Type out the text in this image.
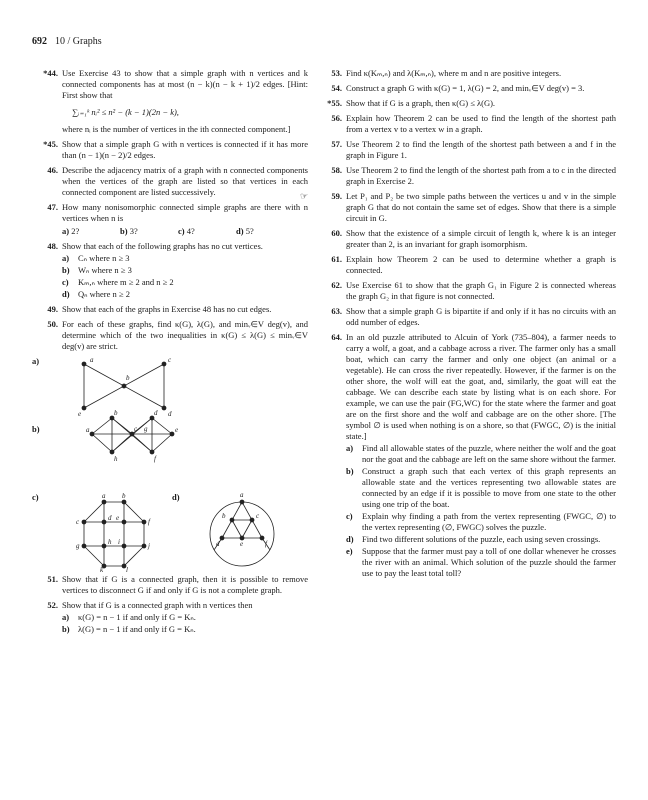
692 10 / Graphs
*44. Use Exercise 43 to show that a simple graph with n vertices and k connected components has at most (n − k)(n − k + 1)/2 edges. [Hint: First show that
∑ᵢ₌₁ᵏ nᵢ² ≤ n² − (k − 1)(2n − k),
where nᵢ is the number of vertices in the ith connected component.]
*45. Show that a simple graph G with n vertices is connected if it has more than (n − 1)(n − 2)/2 edges.
46. Describe the adjacency matrix of a graph with n connected components when the vertices of the graph are listed so that vertices in each connected component are listed successively.
47. How many nonisomorphic connected simple graphs are there with n vertices when n is
a) 2?	b) 3?	c) 4?	d) 5?
48. Show that each of the following graphs has no cut vertices.
a) Cₙ where n ≥ 3
b) Wₙ where n ≥ 3
c) Kₘ,ₙ where m ≥ 2 and n ≥ 2
d) Qₙ where n ≥ 2
49. Show that each of the graphs in Exercise 48 has no cut edges.
50. For each of these graphs, find κ(G), λ(G), and minᵥ∈V deg(v), and determine which of the two inequalities in κ(G) ≤ λ(G) ≤ minᵥ∈V deg(v) are strict.
a)
b)
c)	d)
a
b
c
d
e
a
b
c
d
e
f
g
h
a b
c	d e	f
g	h i	j
k	l
a
b	c
d	e	f
51. Show that if G is a connected graph, then it is possible to remove vertices to disconnect G if and only if G is not a complete graph.
52. Show that if G is a connected graph with n vertices then
a) κ(G) = n − 1 if and only if G = Kₙ.
b) λ(G) = n − 1 if and only if G = Kₙ.
53. Find κ(Kₘ,ₙ) and λ(Kₘ,ₙ), where m and n are positive integers.
54. Construct a graph G with κ(G) = 1, λ(G) = 2, and minᵥ∈V deg(v) = 3.
*55. Show that if G is a graph, then κ(G) ≤ λ(G).
56. Explain how Theorem 2 can be used to find the length of the shortest path from a vertex v to a vertex w in a graph.
57. Use Theorem 2 to find the length of the shortest path between a and f in the graph in Figure 1.
58. Use Theorem 2 to find the length of the shortest path from a to c in the directed graph in Exercise 2.
☞	59. Let P₁ and P₂ be two simple paths between the vertices u and v in the simple graph G that do not contain the same set of edges. Show that there is a simple circuit in G.
60. Show that the existence of a simple circuit of length k, where k is an integer greater than 2, is an invariant for graph isomorphism.
61. Explain how Theorem 2 can be used to determine whether a graph is connected.
62. Use Exercise 61 to show that the graph G₁ in Figure 2 is connected whereas the graph G₂ in that figure is not connected.
63. Show that a simple graph G is bipartite if and only if it has no circuits with an odd number of edges.
64. In an old puzzle attributed to Alcuin of York (735–804), a farmer needs to carry a wolf, a goat, and a cabbage across a river. The farmer only has a small boat, which can carry the farmer and only one object (an animal or a vegetable). He can cross the river repeatedly. However, if the farmer is on the other shore, the wolf will eat the goat, and, similarly, the goat will eat the cabbage. We can describe each state by listing what is on each shore. For example, we can use the pair (FG,WC) for the state where the farmer and goat are on the first shore and the wolf and cabbage are on the other shore. [The symbol ∅ is used when nothing is on a shore, so that (FWGC, ∅) is the initial state.]
a) Find all allowable states of the puzzle, where neither the wolf and the goat nor the goat and the cabbage are left on the same shore without the farmer.
b) Construct a graph such that each vertex of this graph represents an allowable state and the vertices representing two allowable states are connected by an edge if it is possible to move from one state to the other using one trip of the boat.
c) Explain why finding a path from the vertex representing (FWGC, ∅) to the vertex representing (∅, FWGC) solves the puzzle.
d) Find two different solutions of the puzzle, each using seven crossings.
e) Suppose that the farmer must pay a toll of one dollar whenever he crosses the river with an animal. Which solution of the puzzle should the farmer use to pay the least total toll?
